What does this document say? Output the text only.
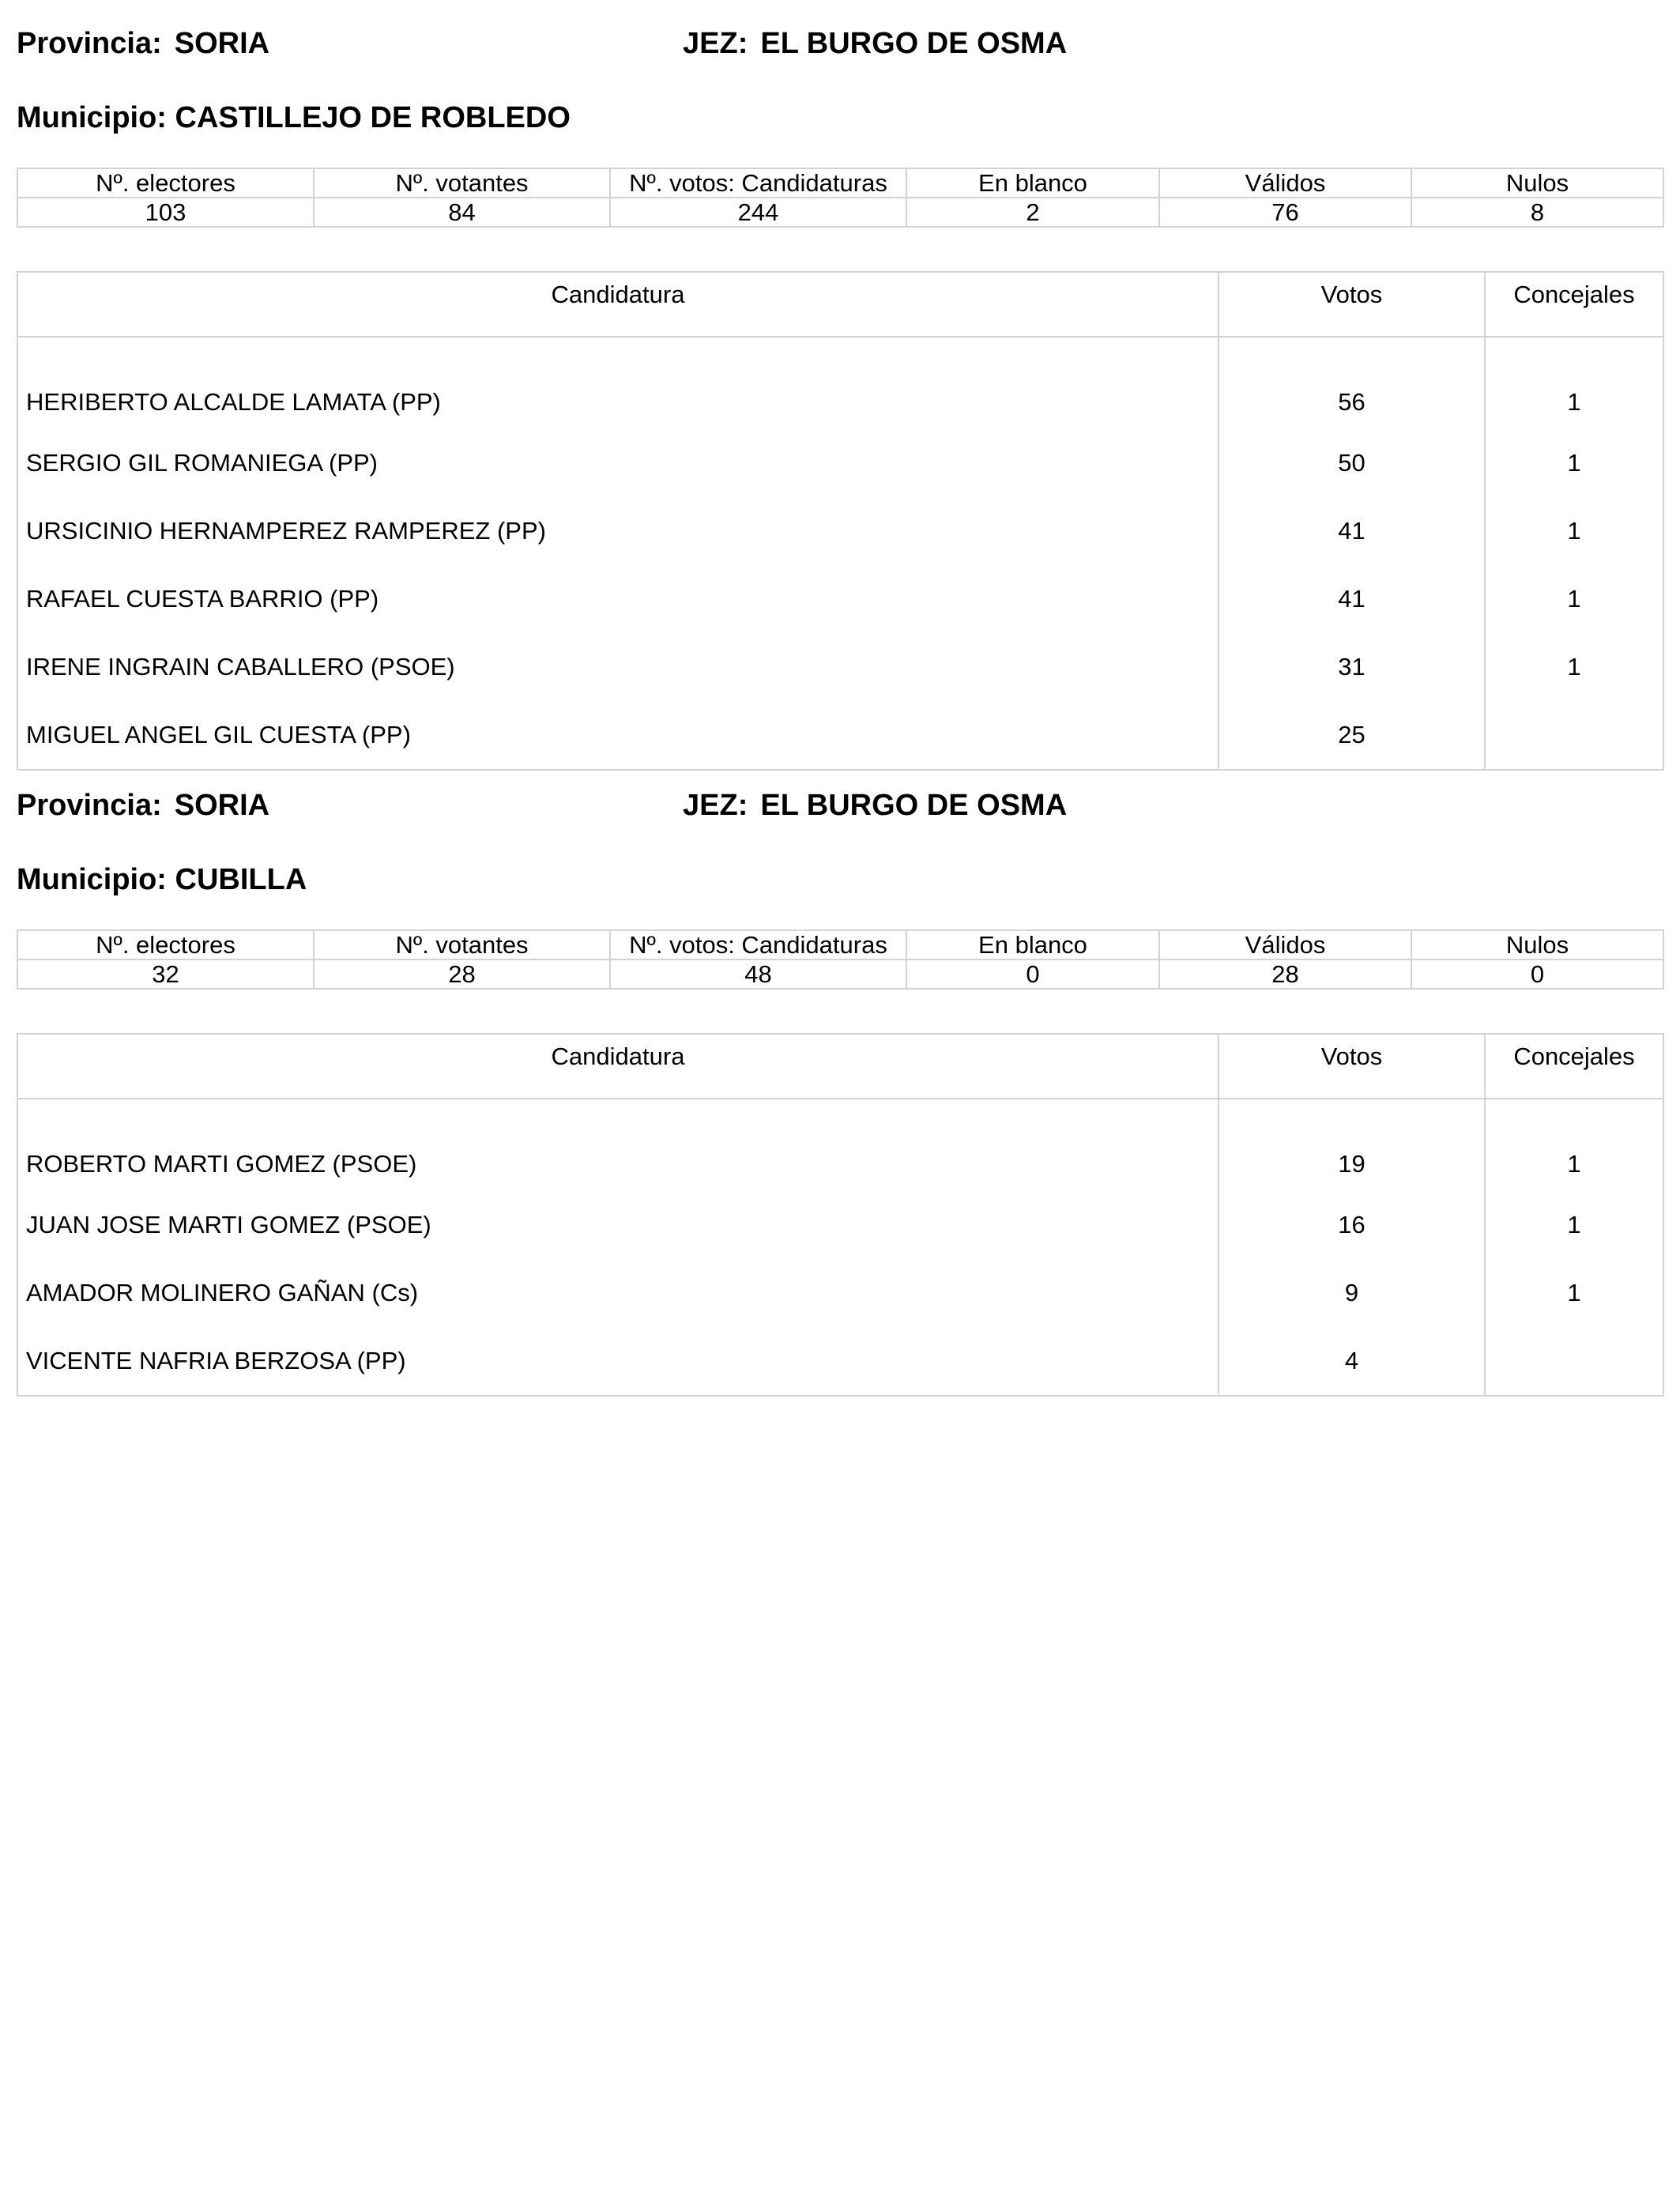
Provincia: SORIA	JEZ: EL BURGO DE OSMA
Municipio: CASTILLEJO DE ROBLEDO
Nº. electores	Nº. votantes	Nº. votos: Candidaturas	En blanco	Válidos	Nulos
103	84	244	2	76	8
Candidatura	Votos	Concejales
HERIBERTO ALCALDE LAMATA (PP)	56	1
SERGIO GIL ROMANIEGA (PP)	50	1
URSICINIO HERNAMPEREZ RAMPEREZ (PP)	41	1
RAFAEL CUESTA BARRIO (PP)	41	1
IRENE INGRAIN CABALLERO (PSOE)	31	1
MIGUEL ANGEL GIL CUESTA (PP)	25	
Provincia: SORIA	JEZ: EL BURGO DE OSMA
Municipio: CUBILLA
Nº. electores	Nº. votantes	Nº. votos: Candidaturas	En blanco	Válidos	Nulos
32	28	48	0	28	0
Candidatura	Votos	Concejales
ROBERTO MARTI GOMEZ (PSOE)	19	1
JUAN JOSE MARTI GOMEZ (PSOE)	16	1
AMADOR MOLINERO GAÑAN (Cs)	9	1
VICENTE NAFRIA BERZOSA (PP)	4	
